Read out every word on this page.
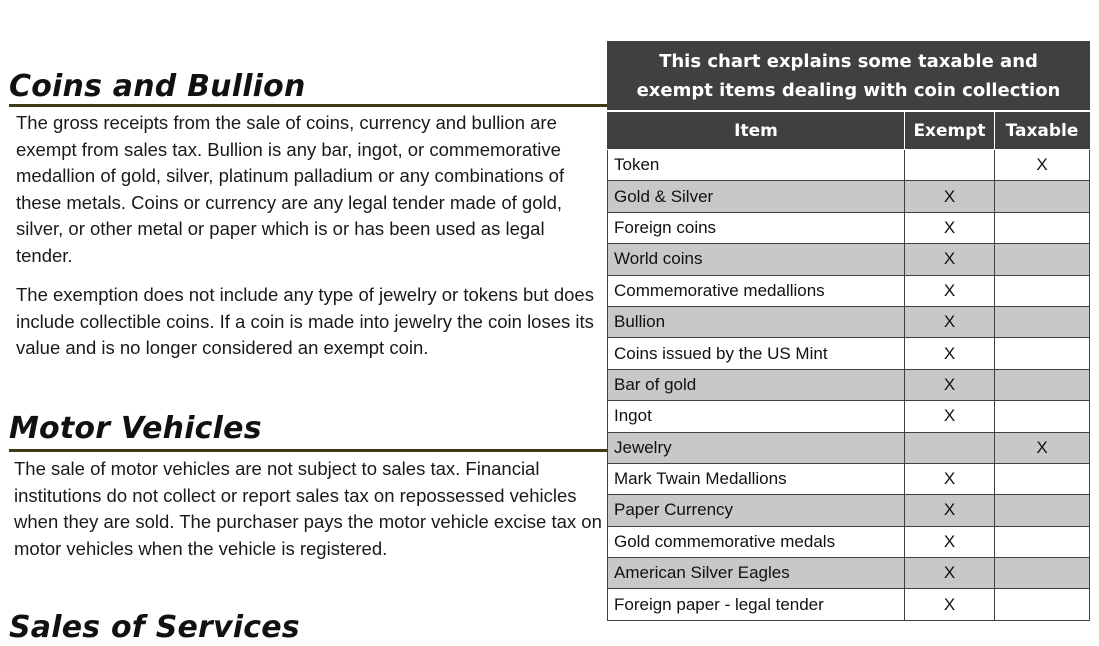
Coins and Bullion

The gross receipts from the sale of coins, currency and bullion are exempt from sales tax. Bullion is any bar, ingot, or commemorative medallion of gold, silver, platinum palladium or any combinations of these metals. Coins or currency are any legal tender made of gold, silver, or other metal or paper which is or has been used as legal tender.

The exemption does not include any type of jewelry or tokens but does include collectible coins. If a coin is made into jewelry the coin loses its value and is no longer considered an exempt coin.

Motor Vehicles

The sale of motor vehicles are not subject to sales tax. Financial institutions do not collect or report sales tax on repossessed vehicles when they are sold. The purchaser pays the motor vehicle excise tax on motor vehicles when the vehicle is registered.

Sales of Services
This chart explains some taxable and exempt items dealing with coin collection		
Item	Exempt	Taxable
Token		X
Gold & Silver	X	
Foreign coins	X	
World coins	X	
Commemorative medallions	X	
Bullion	X	
Coins issued by the US Mint	X	
Bar of gold	X	
Ingot	X	
Jewelry		X
Mark Twain Medallions	X	
Paper Currency	X	
Gold commemorative medals	X	
American Silver Eagles	X	
Foreign paper - legal tender	X	
